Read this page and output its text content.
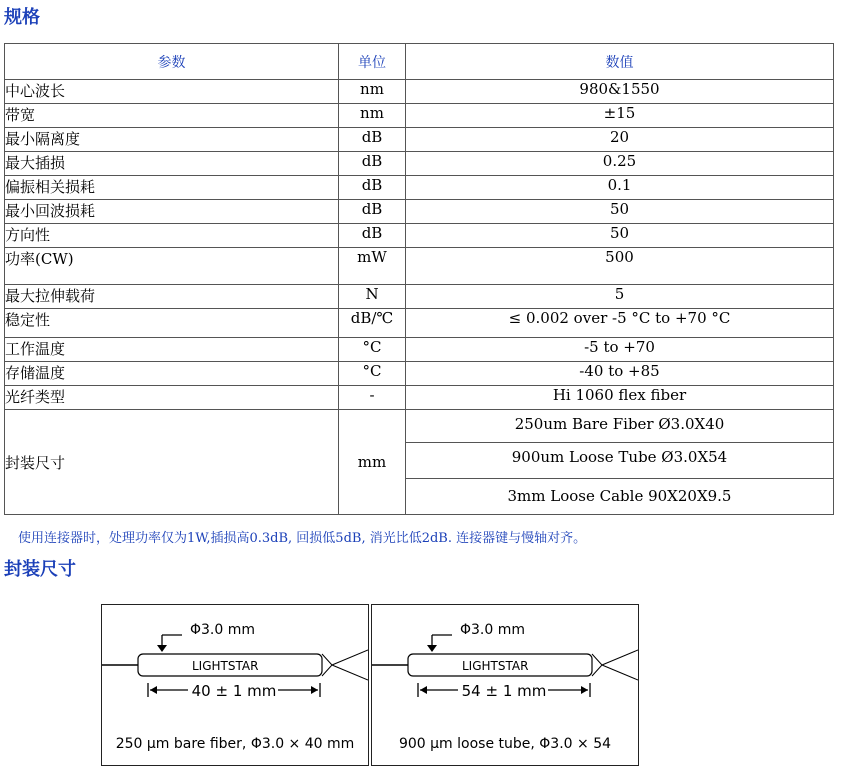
规格
参数	单位	数值
中心波长	nm	980&1550
带宽	nm	±15
最小隔离度	dB	20
最大插损	dB	0.25
偏振相关损耗	dB	0.1
最小回波损耗	dB	50
方向性	dB	50
功率(CW)	mW	500
最大拉伸载荷	N	5
稳定性	dB/℃	≤ 0.002 over -5 °C to +70 °C
工作温度	°C	-5 to +70
存储温度	°C	-40 to +85
光纤类型	-	Hi 1060 flex fiber
封装尺寸	mm	250um Bare Fiber Ø3.0X40
900um Loose Tube Ø3.0X54
3mm Loose Cable 90X20X9.5
使用连接器时，处理功率仅为1W,插损高0.3dB, 回损低5dB, 消光比低2dB. 连接器键与慢轴对齐。
封装尺寸
Φ3.0 mm
LIGHTSTAR
40 ± 1 mm
250 µm bare fiber, Φ3.0 × 40 mm
Φ3.0 mm
LIGHTSTAR
54 ± 1 mm
900 µm loose tube, Φ3.0 × 54
